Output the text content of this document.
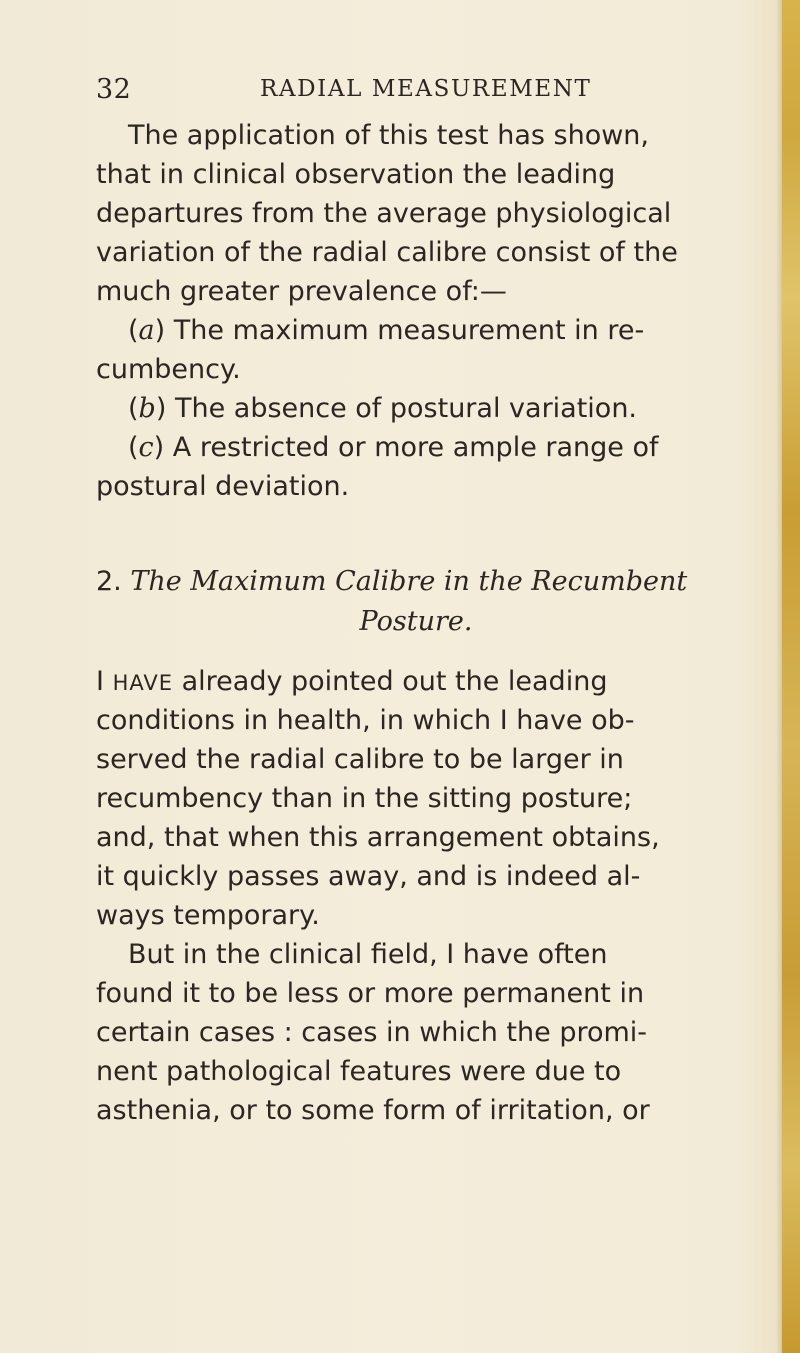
32	RADIAL MEASUREMENT
The application of this test has shown,
that in clinical observation the leading
departures from the average physiological
variation of the radial calibre consist of the
much greater prevalence of:—
(a) The maximum measurement in re-
cumbency.
(b) The absence of postural variation.
(c) A restricted or more ample range of
postural deviation.
2. The Maximum Calibre in the Recumbent
Posture.
I HAVE already pointed out the leading
conditions in health, in which I have ob-
served the radial calibre to be larger in
recumbency than in the sitting posture;
and, that when this arrangement obtains,
it quickly passes away, and is indeed al-
ways temporary.
But in the clinical field, I have often
found it to be less or more permanent in
certain cases : cases in which the promi-
nent pathological features were due to
asthenia, or to some form of irritation, or
